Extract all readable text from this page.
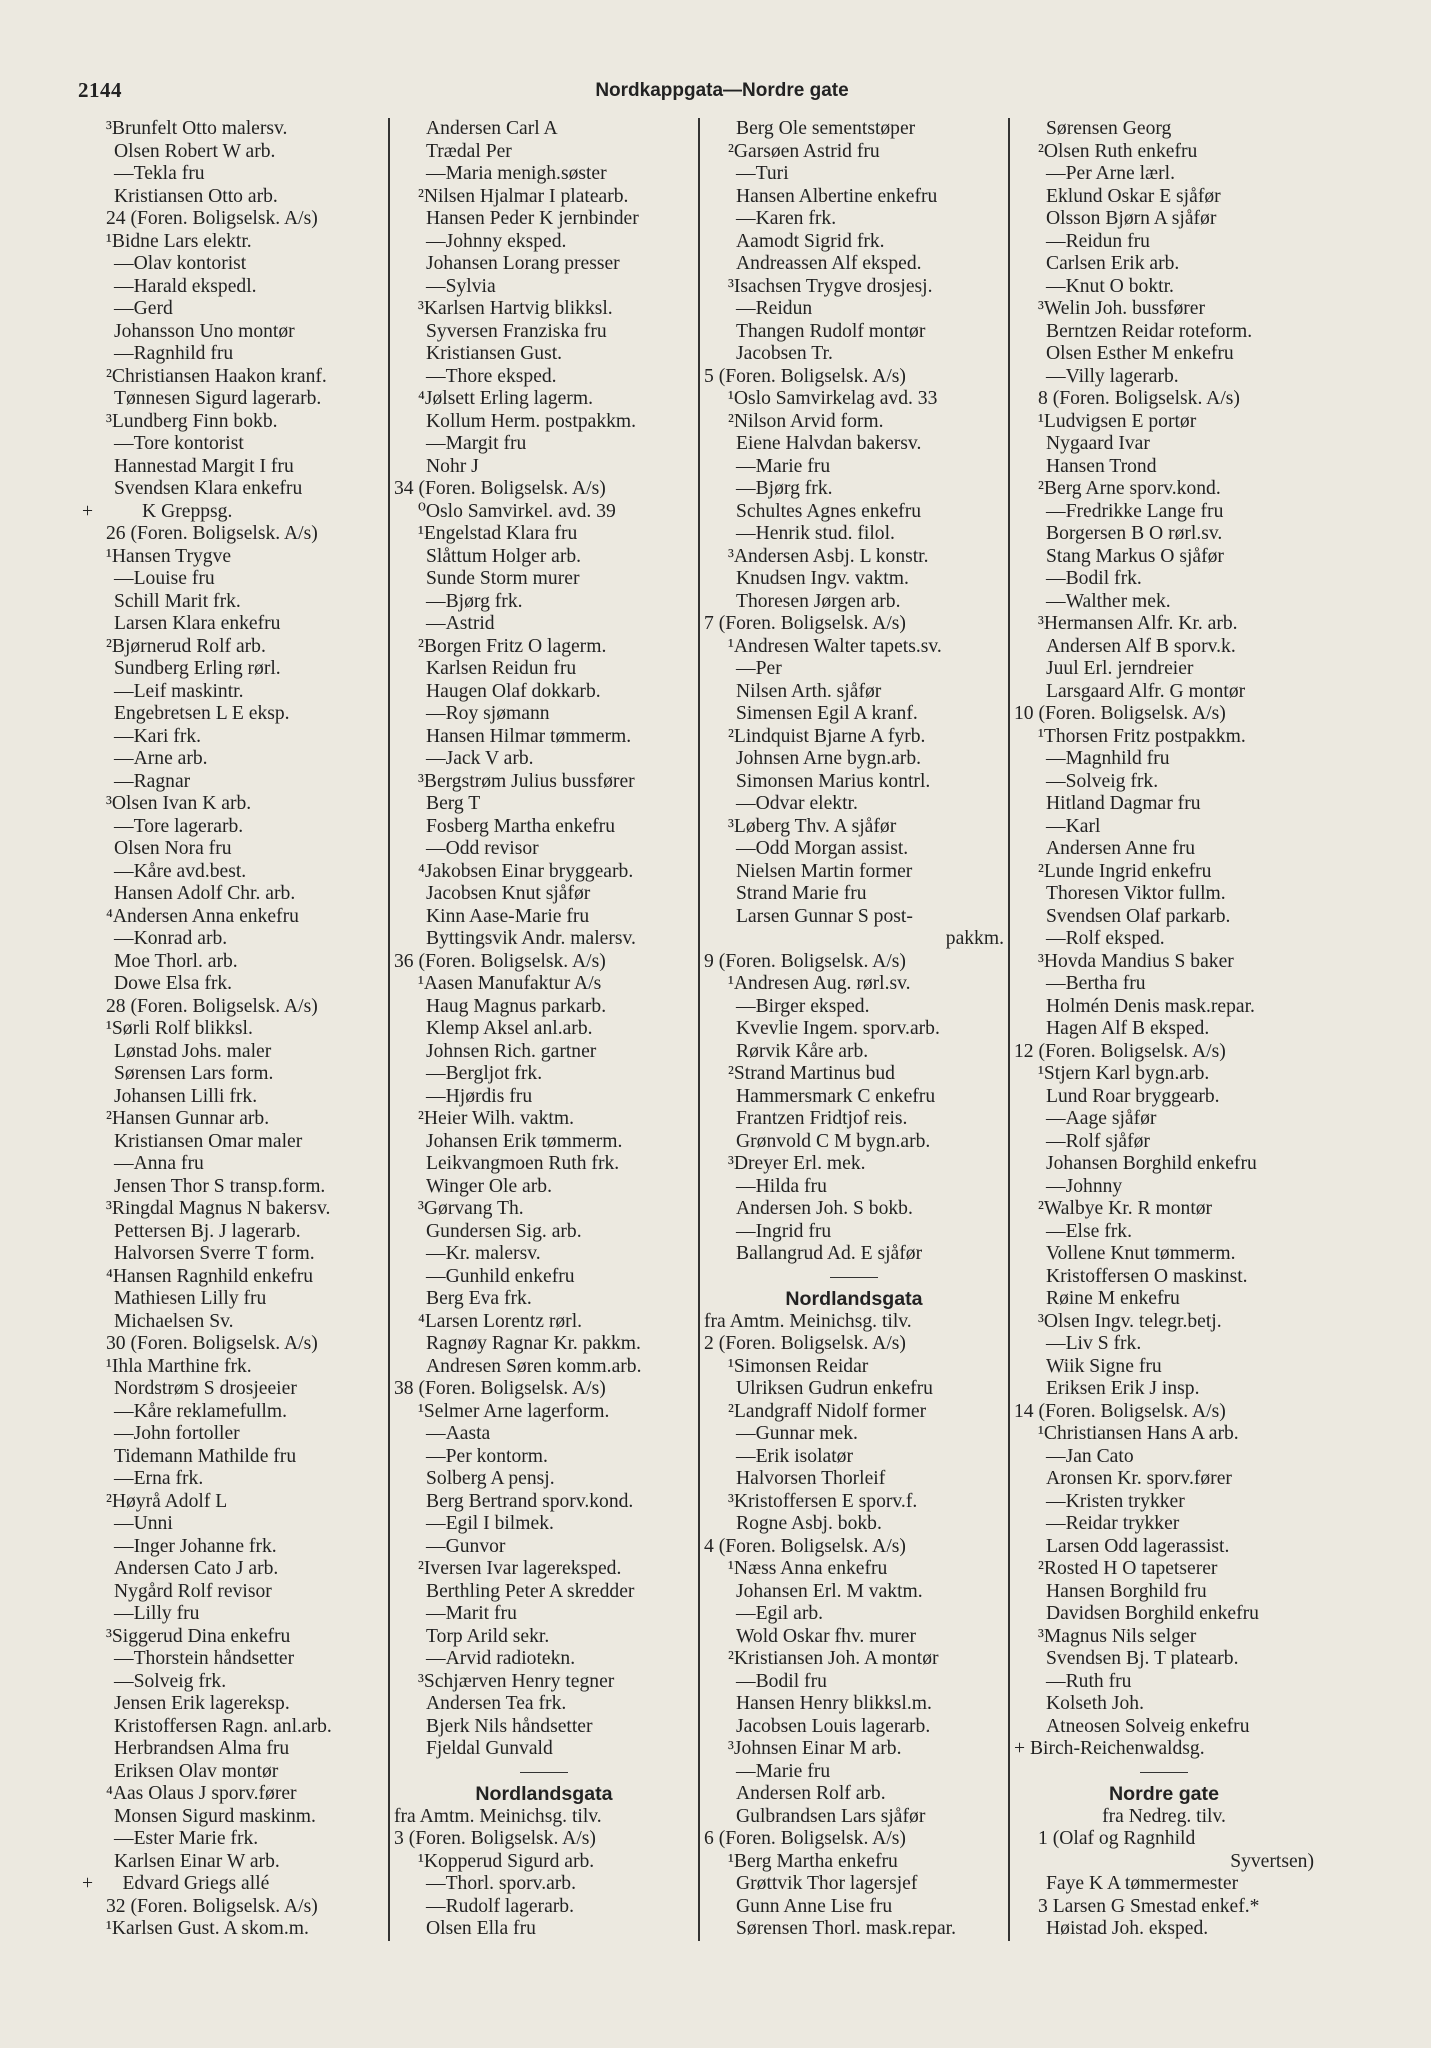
2144	Nordkappgata—Nordre gate
³Brunfelt Otto malersv.
Olsen Robert W arb.
—Tekla fru
Kristiansen Otto arb.
24 (Foren. Boligselsk. A/s)
¹Bidne Lars elektr.
—Olav kontorist
—Harald ekspedl.
—Gerd
Johansson Uno montør
—Ragnhild fru
²Christiansen Haakon kranf.
Tønnesen Sigurd lagerarb.
³Lundberg Finn bokb.
—Tore kontorist
Hannestad Margit I fru
Svendsen Klara enkefru
+          K Greppsg.
26 (Foren. Boligselsk. A/s)
¹Hansen Trygve
—Louise fru
Schill Marit frk.
Larsen Klara enkefru
²Bjørnerud Rolf arb.
Sundberg Erling rørl.
—Leif maskintr.
Engebretsen L E eksp.
—Kari frk.
—Arne arb.
—Ragnar
³Olsen Ivan K arb.
—Tore lagerarb.
Olsen Nora fru
—Kåre avd.best.
Hansen Adolf Chr. arb.
⁴Andersen Anna enkefru
—Konrad arb.
Moe Thorl. arb.
Dowe Elsa frk.
28 (Foren. Boligselsk. A/s)
¹Sørli Rolf blikksl.
Lønstad Johs. maler
Sørensen Lars form.
Johansen Lilli frk.
²Hansen Gunnar arb.
Kristiansen Omar maler
—Anna fru
Jensen Thor S transp.form.
³Ringdal Magnus N bakersv.
Pettersen Bj. J lagerarb.
Halvorsen Sverre T form.
⁴Hansen Ragnhild enkefru
Mathiesen Lilly fru
Michaelsen Sv.
30 (Foren. Boligselsk. A/s)
¹Ihla Marthine frk.
Nordstrøm S drosjeeier
—Kåre reklamefullm.
—John fortoller
Tidemann Mathilde fru
—Erna frk.
²Høyrå Adolf L
—Unni
—Inger Johanne frk.
Andersen Cato J arb.
Nygård Rolf revisor
—Lilly fru
³Siggerud Dina enkefru
—Thorstein håndsetter
—Solveig frk.
Jensen Erik lagereksp.
Kristoffersen Ragn. anl.arb.
Herbrandsen Alma fru
Eriksen Olav montør
⁴Aas Olaus J sporv.fører
Monsen Sigurd maskinm.
—Ester Marie frk.
Karlsen Einar W arb.
+      Edvard Griegs allé
32 (Foren. Boligselsk. A/s)
¹Karlsen Gust. A skom.m.
Andersen Carl A
Trædal Per
—Maria menigh.søster
²Nilsen Hjalmar I platearb.
Hansen Peder K jernbinder
—Johnny eksped.
Johansen Lorang presser
—Sylvia
³Karlsen Hartvig blikksl.
Syversen Franziska fru
Kristiansen Gust.
—Thore eksped.
⁴Jølsett Erling lagerm.
Kollum Herm. postpakkm.
—Margit fru
Nohr J
34 (Foren. Boligselsk. A/s)
⁰Oslo Samvirkel. avd. 39
¹Engelstad Klara fru
Slåttum Holger arb.
Sunde Storm murer
—Bjørg frk.
—Astrid
²Borgen Fritz O lagerm.
Karlsen Reidun fru
Haugen Olaf dokkarb.
—Roy sjømann
Hansen Hilmar tømmerm.
—Jack V arb.
³Bergstrøm Julius bussfører
Berg T
Fosberg Martha enkefru
—Odd revisor
⁴Jakobsen Einar bryggearb.
Jacobsen Knut sjåfør
Kinn Aase-Marie fru
Byttingsvik Andr. malersv.
36 (Foren. Boligselsk. A/s)
¹Aasen Manufaktur A/s
Haug Magnus parkarb.
Klemp Aksel anl.arb.
Johnsen Rich. gartner
—Bergljot frk.
—Hjørdis fru
²Heier Wilh. vaktm.
Johansen Erik tømmerm.
Leikvangmoen Ruth frk.
Winger Ole arb.
³Gørvang Th.
Gundersen Sig. arb.
—Kr. malersv.
—Gunhild enkefru
Berg Eva frk.
⁴Larsen Lorentz rørl.
Ragnøy Ragnar Kr. pakkm.
Andresen Søren komm.arb.
38 (Foren. Boligselsk. A/s)
¹Selmer Arne lagerform.
—Aasta
—Per kontorm.
Solberg A pensj.
Berg Bertrand sporv.kond.
—Egil I bilmek.
—Gunvor
²Iversen Ivar lagereksped.
Berthling Peter A skredder
—Marit fru
Torp Arild sekr.
—Arvid radiotekn.
³Schjærven Henry tegner
Andersen Tea frk.
Bjerk Nils håndsetter
Fjeldal Gunvald
Nordlandsgata
fra Amtm. Meinichsg. tilv.
3 (Foren. Boligselsk. A/s)
¹Kopperud Sigurd arb.
—Thorl. sporv.arb.
—Rudolf lagerarb.
Olsen Ella fru
Berg Ole sementstøper
²Garsøen Astrid fru
—Turi
Hansen Albertine enkefru
—Karen frk.
Aamodt Sigrid frk.
Andreassen Alf eksped.
³Isachsen Trygve drosjesj.
—Reidun
Thangen Rudolf montør
Jacobsen Tr.
5 (Foren. Boligselsk. A/s)
¹Oslo Samvirkelag avd. 33
²Nilson Arvid form.
Eiene Halvdan bakersv.
—Marie fru
—Bjørg frk.
Schultes Agnes enkefru
—Henrik stud. filol.
³Andersen Asbj. L konstr.
Knudsen Ingv. vaktm.
Thoresen Jørgen arb.
7 (Foren. Boligselsk. A/s)
¹Andresen Walter tapets.sv.
—Per
Nilsen Arth. sjåfør
Simensen Egil A kranf.
²Lindquist Bjarne A fyrb.
Johnsen Arne bygn.arb.
Simonsen Marius kontrl.
—Odvar elektr.
³Løberg Thv. A sjåfør
—Odd Morgan assist.
Nielsen Martin former
Strand Marie fru
Larsen Gunnar S post-
pakkm.
9 (Foren. Boligselsk. A/s)
¹Andresen Aug. rørl.sv.
—Birger eksped.
Kvevlie Ingem. sporv.arb.
Rørvik Kåre arb.
²Strand Martinus bud
Hammersmark C enkefru
Frantzen Fridtjof reis.
Grønvold C M bygn.arb.
³Dreyer Erl. mek.
—Hilda fru
Andersen Joh. S bokb.
—Ingrid fru
Ballangrud Ad. E sjåfør
Nordlandsgata
fra Amtm. Meinichsg. tilv.
2 (Foren. Boligselsk. A/s)
¹Simonsen Reidar
Ulriksen Gudrun enkefru
²Landgraff Nidolf former
—Gunnar mek.
—Erik isolatør
Halvorsen Thorleif
³Kristoffersen E sporv.f.
Rogne Asbj. bokb.
4 (Foren. Boligselsk. A/s)
¹Næss Anna enkefru
Johansen Erl. M vaktm.
—Egil arb.
Wold Oskar fhv. murer
²Kristiansen Joh. A montør
—Bodil fru
Hansen Henry blikksl.m.
Jacobsen Louis lagerarb.
³Johnsen Einar M arb.
—Marie fru
Andersen Rolf arb.
Gulbrandsen Lars sjåfør
6 (Foren. Boligselsk. A/s)
¹Berg Martha enkefru
Grøttvik Thor lagersjef
Gunn Anne Lise fru
Sørensen Thorl. mask.repar.
Sørensen Georg
²Olsen Ruth enkefru
—Per Arne lærl.
Eklund Oskar E sjåfør
Olsson Bjørn A sjåfør
—Reidun fru
Carlsen Erik arb.
—Knut O boktr.
³Welin Joh. bussfører
Berntzen Reidar roteform.
Olsen Esther M enkefru
—Villy lagerarb.
8 (Foren. Boligselsk. A/s)
¹Ludvigsen E portør
Nygaard Ivar
Hansen Trond
²Berg Arne sporv.kond.
—Fredrikke Lange fru
Borgersen B O rørl.sv.
Stang Markus O sjåfør
—Bodil frk.
—Walther mek.
³Hermansen Alfr. Kr. arb.
Andersen Alf B sporv.k.
Juul Erl. jerndreier
Larsgaard Alfr. G montør
10 (Foren. Boligselsk. A/s)
¹Thorsen Fritz postpakkm.
—Magnhild fru
—Solveig frk.
Hitland Dagmar fru
—Karl
Andersen Anne fru
²Lunde Ingrid enkefru
Thoresen Viktor fullm.
Svendsen Olaf parkarb.
—Rolf eksped.
³Hovda Mandius S baker
—Bertha fru
Holmén Denis mask.repar.
Hagen Alf B eksped.
12 (Foren. Boligselsk. A/s)
¹Stjern Karl bygn.arb.
Lund Roar bryggearb.
—Aage sjåfør
—Rolf sjåfør
Johansen Borghild enkefru
—Johnny
²Walbye Kr. R montør
—Else frk.
Vollene Knut tømmerm.
Kristoffersen O maskinst.
Røine M enkefru
³Olsen Ingv. telegr.betj.
—Liv S frk.
Wiik Signe fru
Eriksen Erik J insp.
14 (Foren. Boligselsk. A/s)
¹Christiansen Hans A arb.
—Jan Cato
Aronsen Kr. sporv.fører
—Kristen trykker
—Reidar trykker
Larsen Odd lagerassist.
²Rosted H O tapetserer
Hansen Borghild fru
Davidsen Borghild enkefru
³Magnus Nils selger
Svendsen Bj. T platearb.
—Ruth fru
Kolseth Joh.
Atneosen Solveig enkefru
+ Birch-Reichenwaldsg.
Nordre gate
fra Nedreg. tilv.
1 (Olaf og Ragnhild
Syvertsen)
Faye K A tømmermester
3 Larsen G Smestad enkef.*
Høistad Joh. eksped.
